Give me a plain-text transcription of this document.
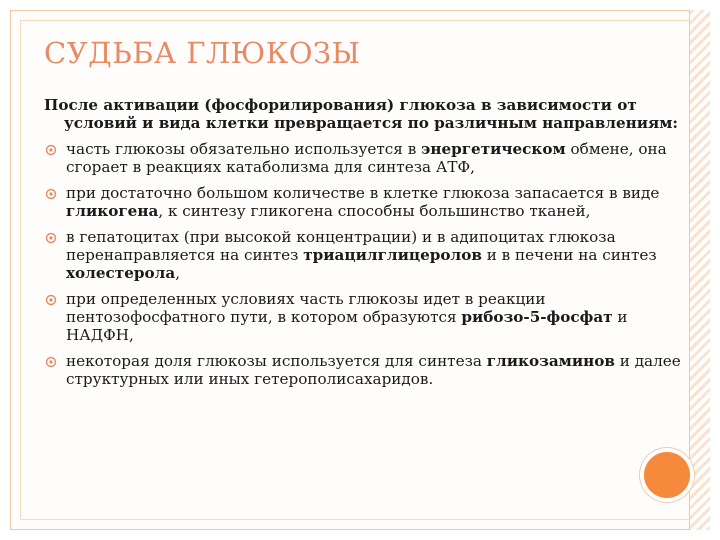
СУДЬБА ГЛЮКОЗЫ

После активации (фосфорилирования) глюкоза в зависимости от условий и вида клетки превращается по различным направлениям:

часть глюкозы обязательно используется в энергетическом обмене, она сгорает в реакциях катаболизма для синтеза АТФ,
при достаточно большом количестве в клетке глюкоза запасается в виде гликогена, к синтезу гликогена способны большинство тканей,
в гепатоцитах (при высокой концентрации) и в адипоцитах глюкоза перенаправляется на синтез триацилглицеролов и в печени на синтез холестерола,
при определенных условиях часть глюкозы идет в реакции пентозофосфатного пути, в котором образуются рибозо-5-фосфат и НАДФН,
некоторая доля глюкозы используется для синтеза гликозаминов и далее структурных или иных гетерополисахаридов.
